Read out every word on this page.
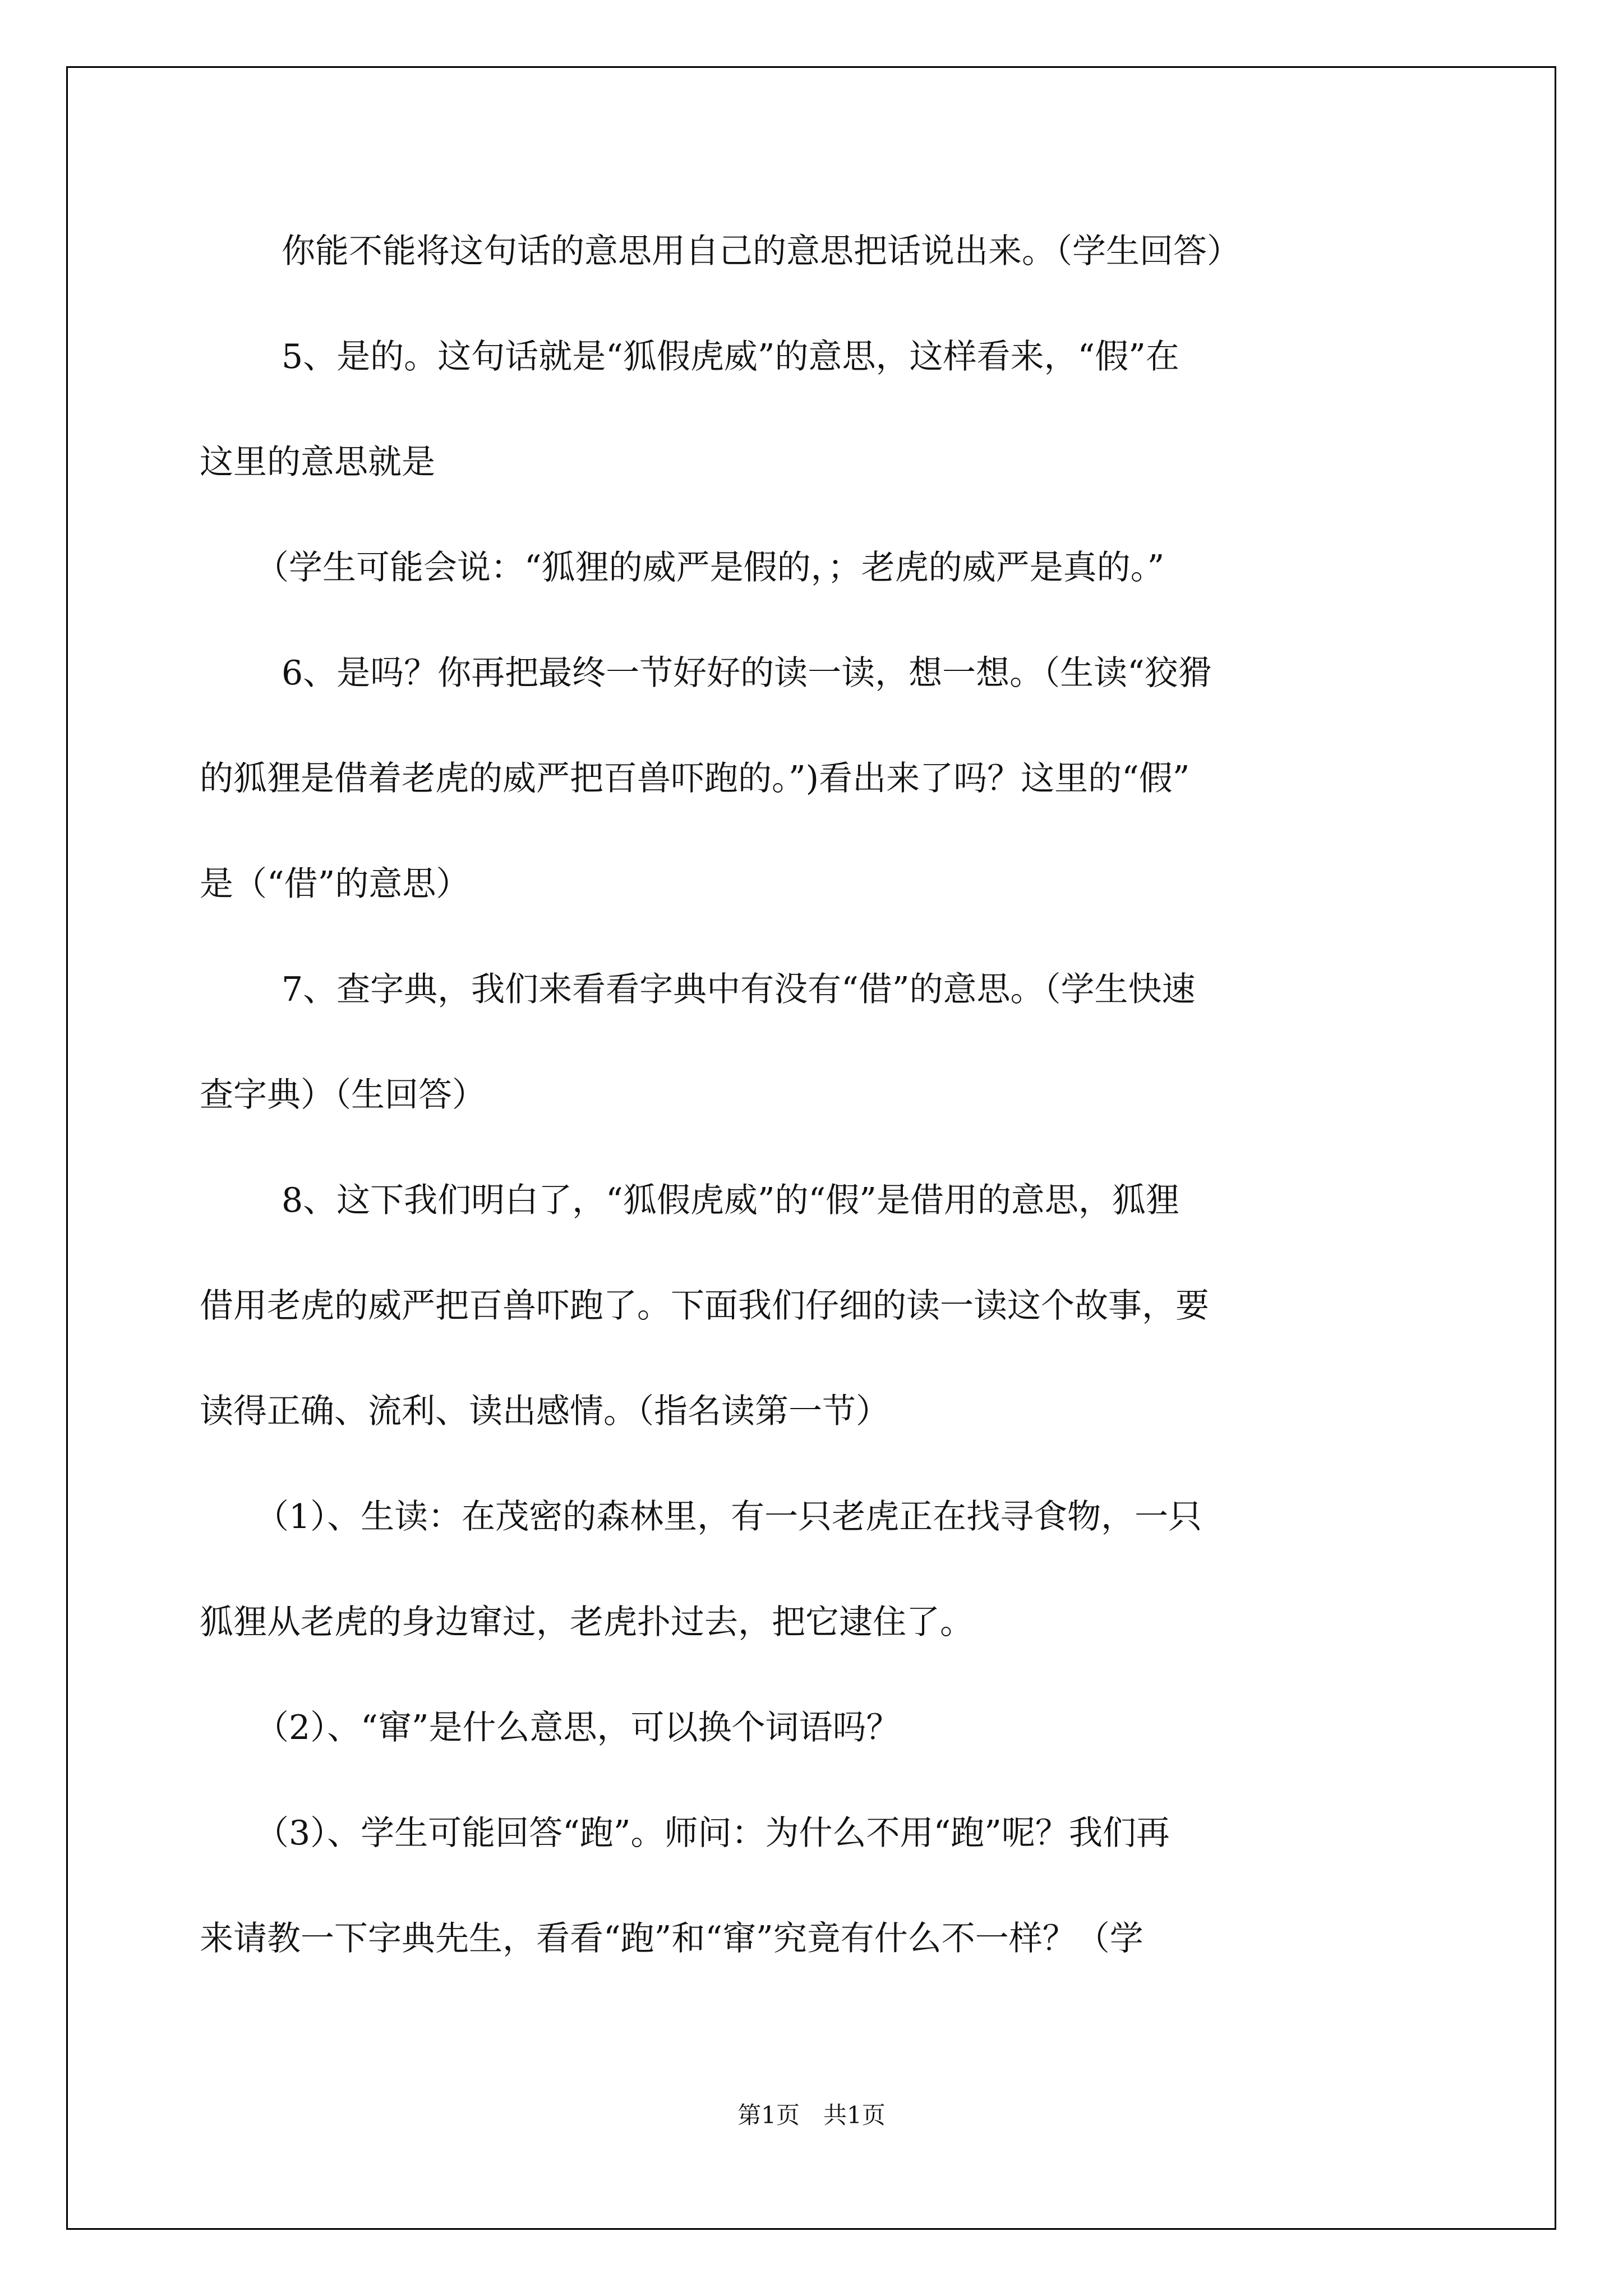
你能不能将这句话的意思用自己的意思把话说出来。（学生回答）

5、是的。这句话就是“狐假虎威”的意思，这样看来，“假”在

这里的意思就是

（学生可能会说：“狐狸的威严是假的，；老虎的威严是真的。”

6、是吗？你再把最终一节好好的读一读，想一想。（生读“狡猾

的狐狸是借着老虎的威严把百兽吓跑的。”)看出来了吗？这里的“假”

是（“借”的意思）

7、查字典，我们来看看字典中有没有“借”的意思。（学生快速

查字典）（生回答）

8、这下我们明白了，“狐假虎威”的“假”是借用的意思，狐狸

借用老虎的威严把百兽吓跑了。下面我们仔细的读一读这个故事，要

读得正确、流利、读出感情。（指名读第一节）

（1）、生读：在茂密的森林里，有一只老虎正在找寻食物，一只

狐狸从老虎的身边窜过，老虎扑过去，把它逮住了。

（2）、“窜”是什么意思，可以换个词语吗？

（3）、学生可能回答“跑”。师问：为什么不用“跑”呢？我们再

来请教一下字典先生，看看“跑”和“窜”究竟有什么不一样？（学

第1页　共1页
